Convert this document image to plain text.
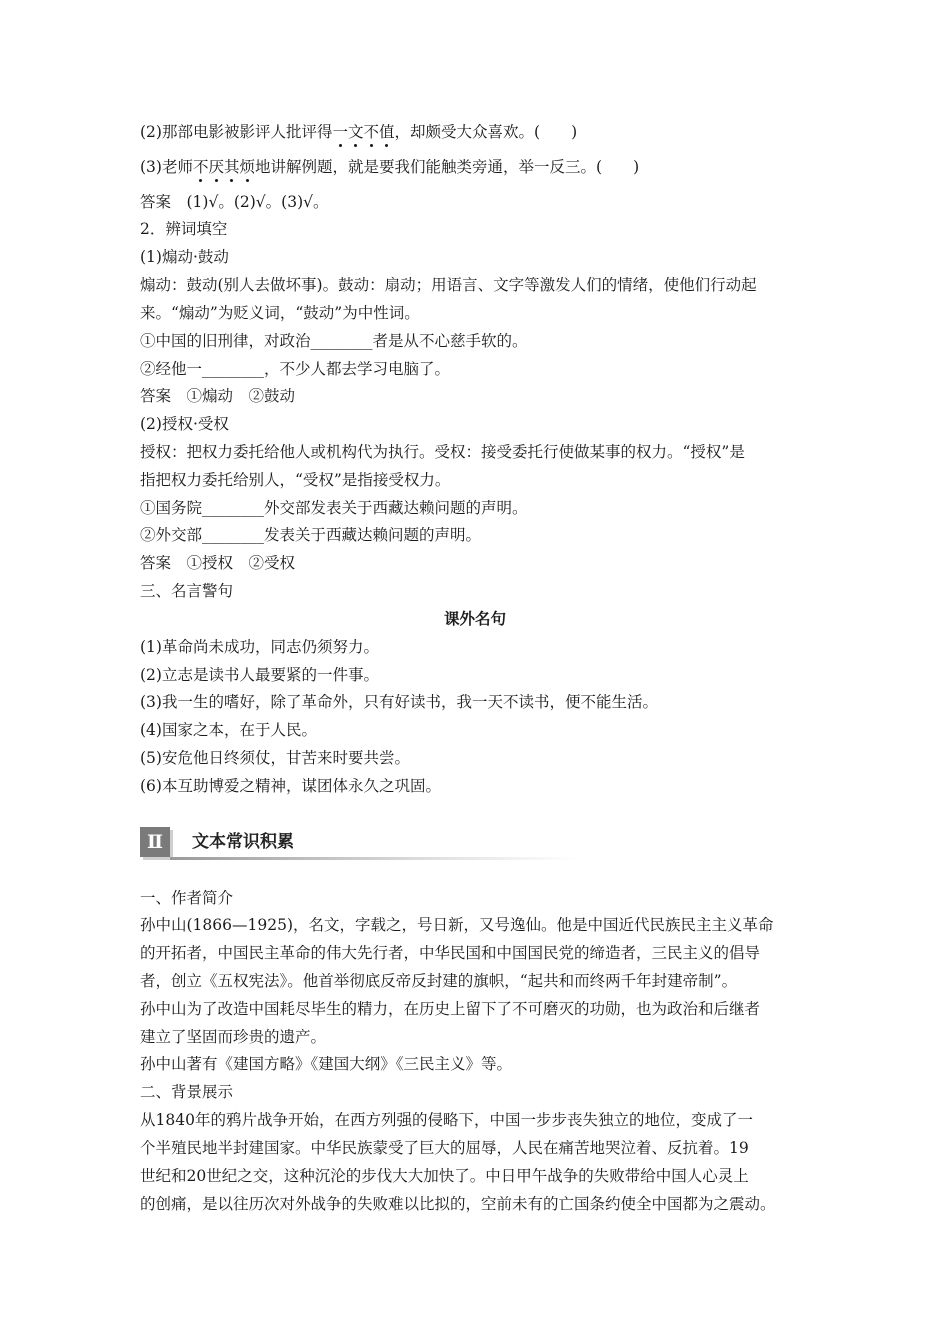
(2)那部电影被影评人批评得一文不值，却颇受大众喜欢。(　　)
(3)老师不厌其烦地讲解例题，就是要我们能触类旁通，举一反三。(　　)
答案　(1)√。(2)√。(3)√。
2．辨词填空
(1)煽动·鼓动
煽动：鼓动(别人去做坏事)。鼓动：扇动；用语言、文字等激发人们的情绪，使他们行动起
来。“煽动”为贬义词，“鼓动”为中性词。
①中国的旧刑律，对政治________者是从不心慈手软的。
②经他一________，不少人都去学习电脑了。
答案　①煽动　②鼓动
(2)授权·受权
授权：把权力委托给他人或机构代为执行。受权：接受委托行使做某事的权力。“授权”是
指把权力委托给别人，“受权”是指接受权力。
①国务院________外交部发表关于西藏达赖问题的声明。
②外交部________发表关于西藏达赖问题的声明。
答案　①授权　②受权
三、名言警句
课外名句
(1)革命尚未成功，同志仍须努力。
(2)立志是读书人最要紧的一件事。
(3)我一生的嗜好，除了革命外，只有好读书，我一天不读书，便不能生活。
(4)国家之本，在于人民。
(5)安危他日终须仗，甘苦来时要共尝。
(6)本互助博爱之精神，谋团体永久之巩固。
Ⅱ	文本常识积累
一、作者简介
孙中山(1866—1925)，名文，字载之，号日新，又号逸仙。他是中国近代民族民主主义革命
的开拓者，中国民主革命的伟大先行者，中华民国和中国国民党的缔造者，三民主义的倡导
者，创立《五权宪法》。他首举彻底反帝反封建的旗帜，“起共和而终两千年封建帝制”。
孙中山为了改造中国耗尽毕生的精力，在历史上留下了不可磨灭的功勋，也为政治和后继者
建立了坚固而珍贵的遗产。
孙中山著有《建国方略》《建国大纲》《三民主义》等。
二、背景展示
从1840年的鸦片战争开始，在西方列强的侵略下，中国一步步丧失独立的地位，变成了一
个半殖民地半封建国家。中华民族蒙受了巨大的屈辱，人民在痛苦地哭泣着、反抗着。19
世纪和20世纪之交，这种沉沦的步伐大大加快了。中日甲午战争的失败带给中国人心灵上
的创痛，是以往历次对外战争的失败难以比拟的，空前未有的亡国条约使全中国都为之震动。
